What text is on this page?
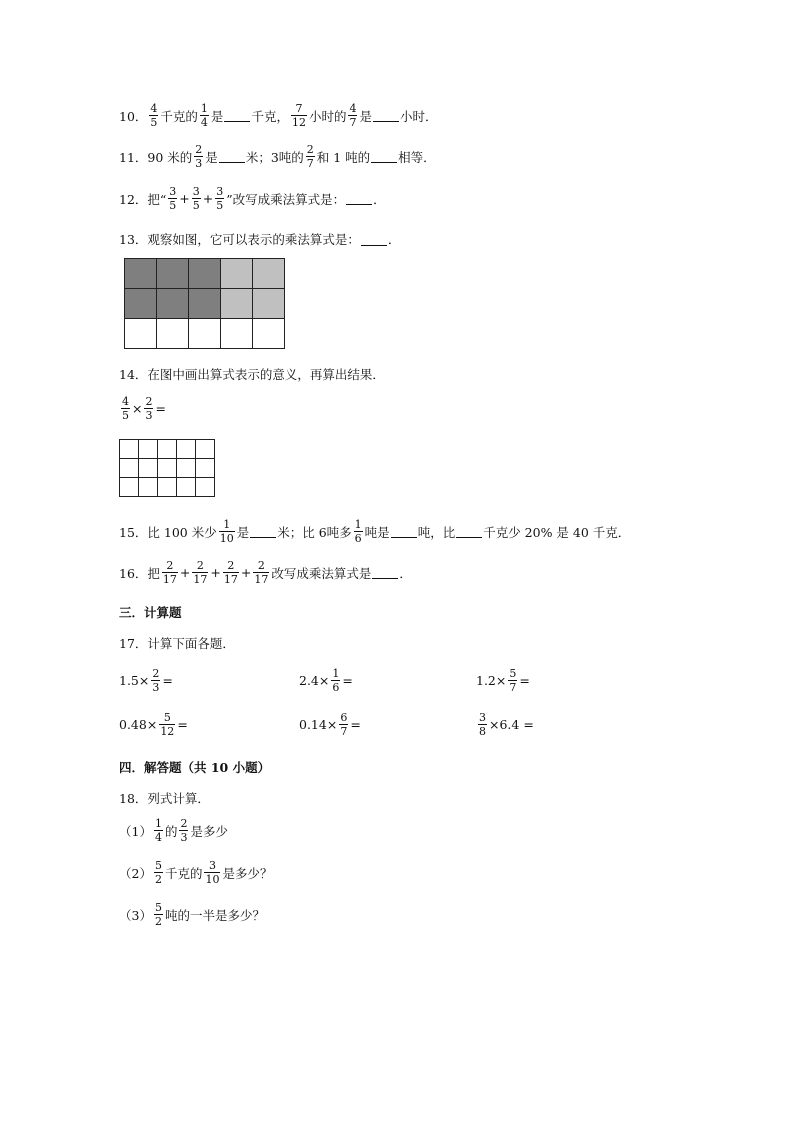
10． $\frac{4}{5}$ 千克的 $\frac{1}{4}$ 是 千克， $\frac{7}{12}$ 小时的 $\frac{4}{7}$ 是 小时．
11． 90 米的 $\frac{2}{3}$ 是 米；3吨的 $\frac{2}{7}$ 和 1 吨的 相等．
12． 把“ $\frac{3}{5} + \frac{3}{5} + \frac{3}{5}$ ”改写成乘法算式是： ．
13． 观察如图，它可以表示的乘法算式是： ．

14． 在图中画出算式表示的意义，再算出结果．
$\frac{4}{5} \times \frac{2}{3}$ =

15． 比 100 米少 $\frac{1}{10}$ 是 米；比 6吨多 $\frac{1}{6}$ 吨是 吨，比 千克少 20% 是 40 千克．
16． 把 $\frac{2}{17} + \frac{2}{17} + \frac{2}{17} + \frac{2}{17}$ 改写成乘法算式是 ．
三．计算题
17． 计算下面各题．
$1.5\times \frac{2}{3}$ =	$2.4\times \frac{1}{6}$ =	$1.2\times \frac{5}{7}$ =
$0.48\times \frac{5}{12}$ =	$0.14\times \frac{6}{7}$ =	$\frac{3}{8} \times 6.4$ =
四．解答题（共 10 小题）
18． 列式计算．
$(1) \frac{1}{4}$ 的 $\frac{2}{3}$ 是多少
$(2) \frac{5}{2}$ 千克的 $\frac{3}{10}$ 是多少？
$(3) \frac{5}{2}$ 吨的一半是多少？
